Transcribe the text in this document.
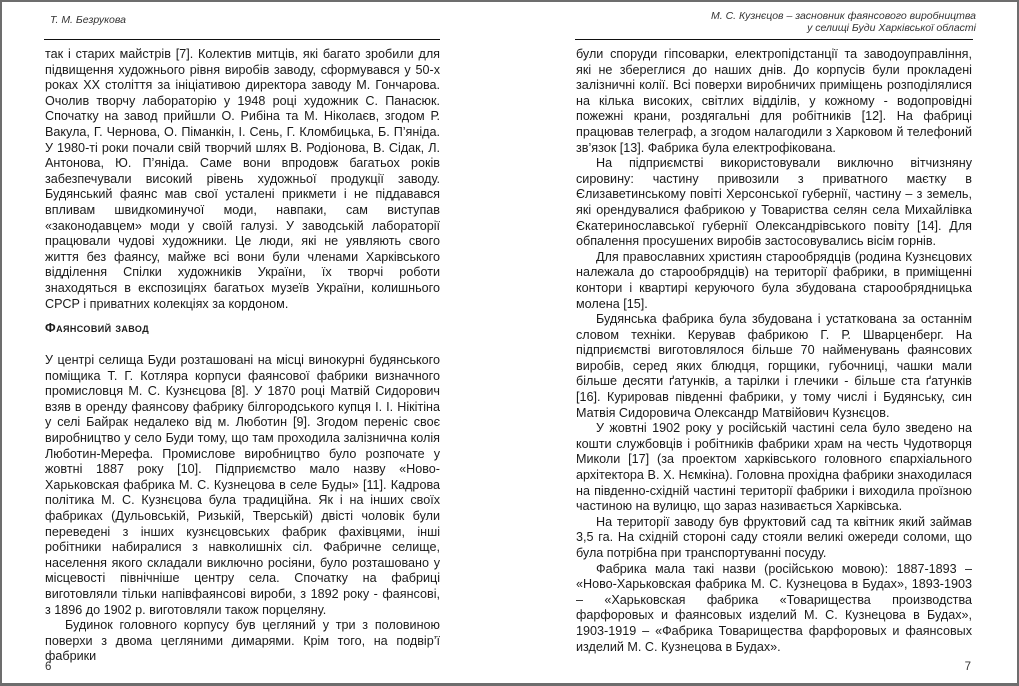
Т. М. Безрукова

так і старих майстрів [7]. Колектив митців, які багато зробили для підвищення художнього рівня виробів заводу, сформувався у 50-х роках XX століття за ініціативою директора заводу М. Гончарова. Очолив творчу лабораторію у 1948 році художник С. Панасюк. Спочатку на завод прийшли О. Рибіна та М. Ніколаєв, згодом Р. Вакула, Г. Чернова, О. Піманкін, І. Сень, Г. Кломбицька, Б. П’яніда. У 1980-ті роки почали свій творчий шлях В. Родіонова, В. Сідак, Л. Антонова, Ю. П’яніда. Саме вони впродовж багатьох років забезпечували високий рівень художньої продукції заводу. Будянський фаянс мав свої усталені прикмети і не піддавався впливам швидкоминучої моди, навпаки, сам виступав «законодавцем» моди у своїй галузі. У заводській лабораторії працювали чудові художники. Це люди, які не уявляють свого життя без фаянсу, майже всі вони були членами Харківського відділення Спілки художників України, їх творчі роботи знаходяться в експозиціях багатьох музеїв України, колишнього СРСР і приватних колекціях за кордоном.

Фаянсовий завод

У центрі селища Буди розташовані на місці винокурні будянського поміщика Т. Г. Котляра корпуси фаянсової фабрики визначного промисловця М. С. Кузнєцова [8]. У 1870 році Матвій Сидорович взяв в оренду фаянсову фабрику білгородського купця І. І. Нікітіна у селі Байрак недалеко від м. Люботин [9]. Згодом переніс своє виробництво у село Буди тому, що там проходила залізнична колія Люботин-Мерефа. Промислове виробництво було розпочате у жовтні 1887 року [10]. Підприємство мало назву «Ново-Харьковская фабрика М. С. Кузнецова в селе Буды» [11]. Кадрова політика М. С. Кузнєцова була традиційна. Як і на інших своїх фабриках (Дульовській, Ризькій, Тверській) двісті чоловік були переведені з інших кузнєцовських фабрик фахівцями, інші робітники набиралися з навколишніх сіл. Фабричне селище, населення якого складали виключно росіяни, було розташовано у місцевості північніше центру села. Спочатку на фабриці виготовляли тільки напівфаянсові вироби, з 1892 року - фаянсові, з 1896 до 1902 р. виготовляли також порцеляну.

Будинок головного корпусу був цегляний у три з половиною поверхи з двома цегляними димарями. Крім того, на подвір’ї фабрики

6
М. С. Кузнєцов – засновник фаянсового виробництва
у селищі Буди Харківської області

були споруди гіпсоварки, електропідстанції та заводоуправління, які не збереглися до наших днів. До корпусів були прокладені залізничні колії. Всі поверхи виробничих приміщень розподілялися на кілька високих, світлих відділів, у кожному - водопровідні пожежні крани, роздягальні для робітників [12]. На фабриці працював телеграф, а згодом налагодили з Харковом й телефоний зв’язок [13]. Фабрика була електрофікована.

На підприємстві використовували виключно вітчизняну сировину: частину привозили з приватного маєтку в Єлизаветинському повіті Херсонської губернії, частину – з земель, які орендувалися фабрикою у Товариства селян села Михайлівка Єкатеринославської губернії Олександрівського повіту [14]. Для обпалення просушених виробів застосовувались вісім горнів.

Для православних християн старообрядців (родина Кузнєцових належала до старообрядців) на території фабрики, в приміщенні контори і квартирі керуючого була збудована старообрядницька молена [15].

Будянська фабрика була збудована і устаткована за останнім словом техніки. Керував фабрикою Г. Р. Шварценберг. На підприємстві виготовлялося більше 70 найменувань фаянсових виробів, серед яких блюдця, горщики, губочниці, чашки мали більше десяти ґатунків, а тарілки і глечики - більше ста ґатунків [16]. Курировав південні фабрики, у тому числі і Будянську, син Матвія Сидоровича Олександр Матвійович Кузнєцов.

У жовтні 1902 року у російській частині села було зведено на кошти службовців і робітників фабрики храм на честь Чудотворця Миколи [17] (за проектом харківського головного єпархіального архітектора В. Х. Нємкіна). Головна прохідна фабрики знаходилася на південно-східній частині території фабрики і виходила проїзною частиною на вулицю, що зараз називається Харківська.

На території заводу був фруктовий сад та квітник який займав 3,5 га. На східній стороні саду стояли великі ожереди соломи, що була потрібна при транспортуванні посуду.

Фабрика мала такі назви (російською мовою): 1887-1893 – «Ново-Харьковская фабрика М. С. Кузнецова в Будах», 1893-1903 – «Харьковская фабрика «Товарищества производства фарфоровых и фаянсовых изделий М. С. Кузнецова в Будах», 1903-1919 – «Фабрика Товарищества фарфоровых и фаянсовых изделий М. С. Кузнецова в Будах».

7
